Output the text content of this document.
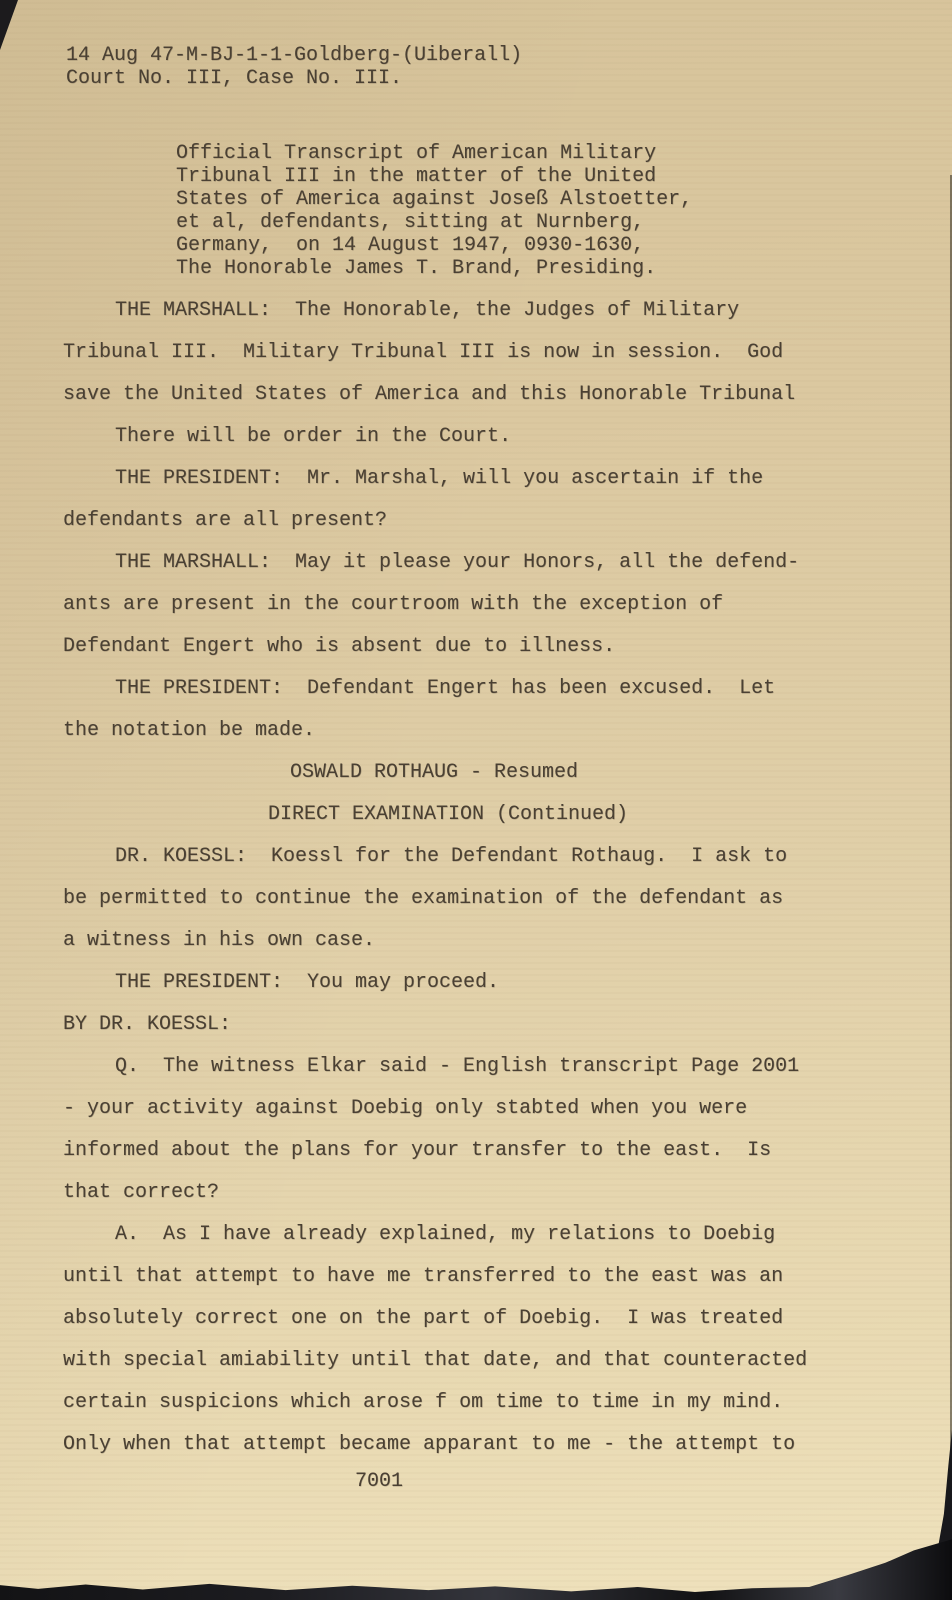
14 Aug 47-M-BJ-1-1-Goldberg-(Uiberall)
Court No. III, Case No. III.
Official Transcript of American Military
Tribunal III in the matter of the United
States of America against Joseß Alstoetter,
et al, defendants, sitting at Nurnberg,
Germany,  on 14 August 1947, 0930-1630,
The Honorable James T. Brand, Presiding.
THE MARSHALL:  The Honorable, the Judges of Military
Tribunal III.  Military Tribunal III is now in session.  God
save the United States of America and this Honorable Tribunal
There will be order in the Court.
THE PRESIDENT:  Mr. Marshal, will you ascertain if the
defendants are all present?
THE MARSHALL:  May it please your Honors, all the defend-
ants are present in the courtroom with the exception of
Defendant Engert who is absent due to illness.
THE PRESIDENT:  Defendant Engert has been excused.  Let
the notation be made.
OSWALD ROTHAUG - Resumed
DIRECT EXAMINATION (Continued)
DR. KOESSL:  Koessl for the Defendant Rothaug.  I ask to
be permitted to continue the examination of the defendant as
a witness in his own case.
THE PRESIDENT:  You may proceed.
BY DR. KOESSL:
Q.  The witness Elkar said - English transcript Page 2001
- your activity against Doebig only stabted when you were
informed about the plans for your transfer to the east.  Is
that correct?
A.  As I have already explained, my relations to Doebig
until that attempt to have me transferred to the east was an
absolutely correct one on the part of Doebig.  I was treated
with special amiability until that date, and that counteracted
certain suspicions which arose f om time to time in my mind.
Only when that attempt became apparant to me - the attempt to
7001
